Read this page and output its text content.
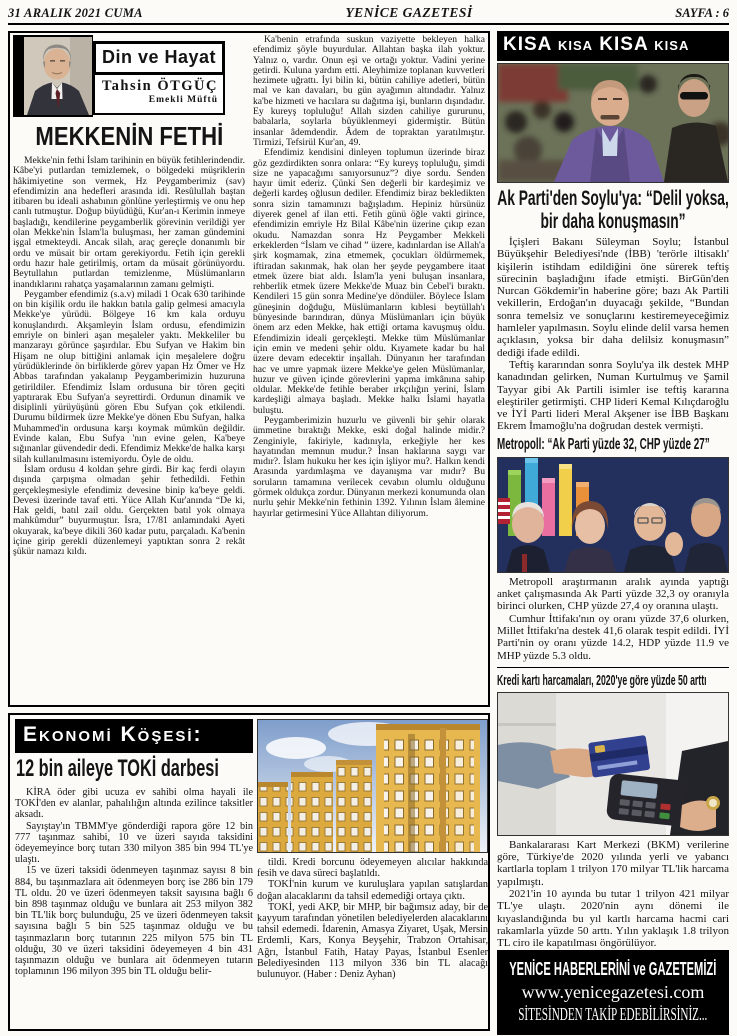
31 ARALIK 2021 CUMA	YENİCE GAZETESİ	SAYFA : 6
Din ve Hayat
Tahsin ÖTGÜÇ
Emekli Müftü
MEKKENİN FETHİ

Mekke'nin fethi İslam tarihinin en büyük fetihlerindendir. Kâbe'yi putlardan temizlemek, o bölgedeki müşriklerin hâkimiyetine son vermek, Hz Peygamberimiz (sav) efendimizin ana hedefleri arasında idi. Resûlullah baştan itibaren bu ideali ashabının gönlüne yerleştirmiş ve onu hep canlı tutmuştur. Doğup büyüdüğü, Kur'an-ı Kerimin inmeye başladığı, kendilerine peygamberlik görevinin verildiği yer olan Mekke'nin İslam'la buluşması, her zaman gündemini işgal etmekteydi. Ancak silah, araç gereçle donanımlı bir ordu ve müsait bir ortam gerekiyordu. Fetih için gerekli ordu hazır hale getirilmiş, ortam da müsait görünüyordu. Beytullahın putlardan temizlenme, Müslümanların inandıklarını rahatça yaşamalarının zamanı gelmişti.

Peygamber efendimiz (s.a.v) miladi 1 Ocak 630 tarihinde on bin kişilik ordu ile hakkın batıla galip gelmesi amacıyla Mekke'ye yürüdü. Bölgeye 16 km kala orduyu konuşlandırdı. Akşamleyin İslam ordusu, efendimizin emriyle on binleri aşan meşaleler yaktı. Mekkeliler bu manzarayı görünce şaşırdılar. Ebu Sufyan ve Hakim bin Hişam ne olup bittiğini anlamak için meşalelere doğru yürüdüklerinde ön birliklerde görev yapan Hz Ömer ve Hz Abbas tarafından yakalanıp Peygamberimizin huzuruna getirildiler. Efendimiz İslam ordusuna bir tören geçiti yaptırarak Ebu Sufyan'a seyrettirdi. Ordunun dinamik ve disiplinli yürüyüşünü gören Ebu Sufyan çok etkilendi. Durumu bildirmek üzre Mekke'ye dönen Ebu Sufyan, halka Muhammed'in ordusuna karşı koymak mümkün değildir. Evinde kalan, Ebu Sufya 'nın evine gelen, Ka'beye sığınanlar güvendedir dedi. Efendimiz Mekke'de halka karşı silah kullanılmasını istemiyordu. Öyle de oldu.

İslam ordusu 4 koldan şehre girdi. Bir kaç ferdi olayın dışında çarpışma olmadan şehir fethedildi. Fethin gerçekleşmesiyle efendimiz devesine binip ka'beye geldi. Devesi üzerinde tavaf etti. Yüce Allah Kur'anında “De ki, Hak geldi, batıl zail oldu. Gerçekten batıl yok olmaya mahkûmdur” buyurmuştur. İsra, 17/81 anlamındaki Ayeti okuyarak, ka'beye dikili 360 kadar putu, parçaladı. Ka'benin içine girip gerekli düzenlemeyi yaptıktan sonra 2 rekât şükür namazı kıldı.

Ka'benin etrafında suskun vaziyette bekleyen halka efendimiz şöyle buyurdular. Allahtan başka ilah yoktur. Yalnız o, vardır. Onun eşi ve ortağı yoktur. Vadini yerine getirdi. Kuluna yardım etti. Aleyhimize toplanan kuvvetleri hezimete uğrattı. İyi bilin ki, bütün cahiliye adetleri, bütün mal ve kan davaları, bu gün ayağımın altındadır. Yalnız ka'be hizmeti ve hacılara su dağıtma işi, bunların dışındadır. Ey kureyş topluluğu! Allah sizden cahiliye gururunu, babalarla, soylarla büyüklenmeyi gidermiştir. Bütün insanlar âdemdendir. Âdem de topraktan yaratılmıştır. Tirmizi, Tefsirül Kur'an, 49.

Efendimiz kendisini dinleyen toplumun üzerinde biraz göz gezdirdikten sonra onlara: “Ey kureyş topluluğu, şimdi size ne yapacağımı sanıyorsunuz”? diye sordu. Senden hayır ümit ederiz. Çünki Sen değerli bir kardeşimiz ve değerli kardeş oğlusun dediler. Efendimiz biraz bekledikten sonra sizin tamamınızı bağışladım. Hepiniz hürsünüz diyerek genel af ilan etti. Fetih günü öğle vakti girince, efendimizin emriyle Hz Bilal Kâbe'nin üzerine çıkıp ezan okudu. Namazdan sonra Hz Peygamber Mekkeli erkeklerden “İslam ve cihad ” üzere, kadınlardan ise Allah'a şirk koşmamak, zina etmemek, çocukları öldürmemek, iftiradan sakınmak, hak olan her şeyde peygambere itaat etmek üzere biat aldı. İslam'la yeni buluşan insanlara, rehberlik etmek üzere Mekke'de Muaz bin Cebel'i bıraktı. Kendileri 15 gün sonra Medine'ye döndüler. Böylece İslam güneşinin doğduğu, Müslümanların kıblesi beytüllah'ı bünyesinde barındıran, dünya Müslümanları için büyük önem arz eden Mekke, hak ettiği ortama kavuşmuş oldu. Efendimizin ideali gerçekleşti. Mekke tüm Müslümanlar için emin ve medeni şehir oldu. Kıyamete kadar bu hal üzere devam edecektir inşallah. Dünyanın her tarafından hac ve umre yapmak üzere Mekke'ye gelen Müslümanlar, huzur ve güven içinde görevlerini yapma imkânına sahip oldular. Mekke'de fetihle beraber ırkçılığın yerini, İslam kardeşliği almaya başladı. Mekke halkı İslami hayatla buluştu.

Peygamberimizin huzurlu ve güvenli bir şehir olarak ümmetine bıraktığı Mekke, eski doğal halinde midir.? Zenginiyle, fakiriyle, kadınıyla, erkeğiyle her kes hayatından memnun mudur.? İnsan haklarına saygı var mıdır?. İslam hukuku her kes için işliyor mu?. Halkın kendi Arasında yardımlaşma ve dayanışma var mıdır? Bu soruların tamamına verilecek cevabın olumlu olduğunu görmek oldukça zordur. Dünyanın merkezi konumunda olan nurlu şehir Mekke'nin fethinin 1392. Yılının İslam âlemine hayırlar getirmesini Yüce Allahtan diliyorum.

Ekonomi Köşesi:
12 bin aileye TOKİ darbesi

KİRA öder gibi ucuza ev sahibi olma hayali ile TOKİ'den ev alanlar, pahalılığın altında ezilince taksitler aksadı.

Sayıştay'ın TBMM'ye gönderdiği rapora göre 12 bin 777 taşınmaz sahibi, 10 ve üzeri sayıda taksidini ödeyemeyince borç tutarı 330 milyon 385 bin 994 TL'ye ulaştı.

15 ve üzeri taksidi ödenmeyen taşınmaz sayısı 8 bin 884, bu taşınmazlara ait ödenmeyen borç ise 286 bin 179 TL oldu. 20 ve üzeri ödenmeyen taksit sayısına bağlı 6 bin 898 taşınmaz olduğu ve bunlara ait 253 milyon 382 bin TL'lik borç bulunduğu, 25 ve üzeri ödenmeyen taksit sayısına bağlı 5 bin 525 taşınmaz olduğu ve bu taşınmazların borç tutarının 225 milyon 575 bin TL olduğu, 30 ve üzeri taksidini ödeyemeyen 4 bin 431 taşınmazın olduğu ve bunlara ait ödenmeyen tutarın toplamının 196 milyon 395 bin TL olduğu belir-

tildi. Kredi borcunu ödeyemeyen alıcılar hakkında fesih ve dava süreci başlatıldı.

TOKİ'nin kurum ve kuruluşlara yapılan satışlardan doğan alacaklarını da tahsil edemediği ortaya çıktı.

TOKİ, yedi AKP, bir MHP, bir bağımsız aday, bir de kayyum tarafından yönetilen belediyelerden alacaklarını tahsil edemedi. İdarenin, Amasya Ziyaret, Uşak, Mersin Erdemli, Kars, Konya Beyşehir, Trabzon Ortahisar, Ağrı, İstanbul Fatih, Hatay Payas, İstanbul Esenler Belediyesinden 113 milyon 336 bin TL alacağı bulunuyor. (Haber : Deniz Ayhan)

KISA kısa KISA kısa
Ak Parti'den Soylu'ya: “Delil yoksa, bir daha konuşmasın”

İçişleri Bakanı Süleyman Soylu; İstanbul Büyükşehir Belediyesi'nde (İBB) 'terörle iltisaklı' kişilerin istihdam edildiğini öne sürerek teftiş sürecinin başladığını ifade etmişti. BirGün'den Nurcan Gökdemir'in haberine göre; bazı Ak Partili vekillerin, Erdoğan'ın duyacağı şekilde, “Bundan sonra temelsiz ve sonuçlarını kestiremeyeceğimiz hamleler yapılmasın. Soylu elinde delil varsa hemen açıklasın, yoksa bir daha delilsiz konuşmasın” dediği ifade edildi.

Teftiş kararından sonra Soylu'ya ilk destek MHP kanadından gelirken, Numan Kurtulmuş ve Şamil Tayyar gibi Ak Partili isimler ise teftiş kararına eleştiriler getirmişti. CHP lideri Kemal Kılıçdaroğlu ve İYİ Parti lideri Meral Akşener ise İBB Başkanı Ekrem İmamoğlu'na doğrudan destek vermişti.

Metropoll: “Ak Parti yüzde 32, CHP yüzde 27”

Metropoll araştırmanın aralık ayında yaptığı anket çalışmasında Ak Parti yüzde 32,3 oy oranıyla birinci olurken, CHP yüzde 27,4 oy oranına ulaştı.

Cumhur İttifakı'nın oy oranı yüzde 37,6 olurken, Millet İttifakı'na destek 41,6 olarak tespit edildi. İYİ Parti'nin oy oranı yüzde 14.2, HDP yüzde 11.9 ve MHP yüzde 5.3 oldu.

Kredi kartı harcamaları, 2020'ye göre yüzde 50 arttı

Bankalararası Kart Merkezi (BKM) verilerine göre, Türkiye'de 2020 yılında yerli ve yabancı kartlarla toplam 1 trilyon 170 milyar TL'lik harcama yapılmıştı.

2021'in 10 ayında bu tutar 1 trilyon 421 milyar TL'ye ulaştı. 2020'nin aynı dönemi ile kıyaslandığında bu yıl kartlı harcama hacmi cari rakamlarla yüzde 50 arttı. Yılın yaklaşık 1.8 trilyon TL ciro ile kapatılması öngörülüyor.

YENİCE HABERLERİNİ ve GAZETEMİZİ
www.yenicegazetesi.com
SİTESİNDEN TAKİP EDEBİLİRSİNİZ...
